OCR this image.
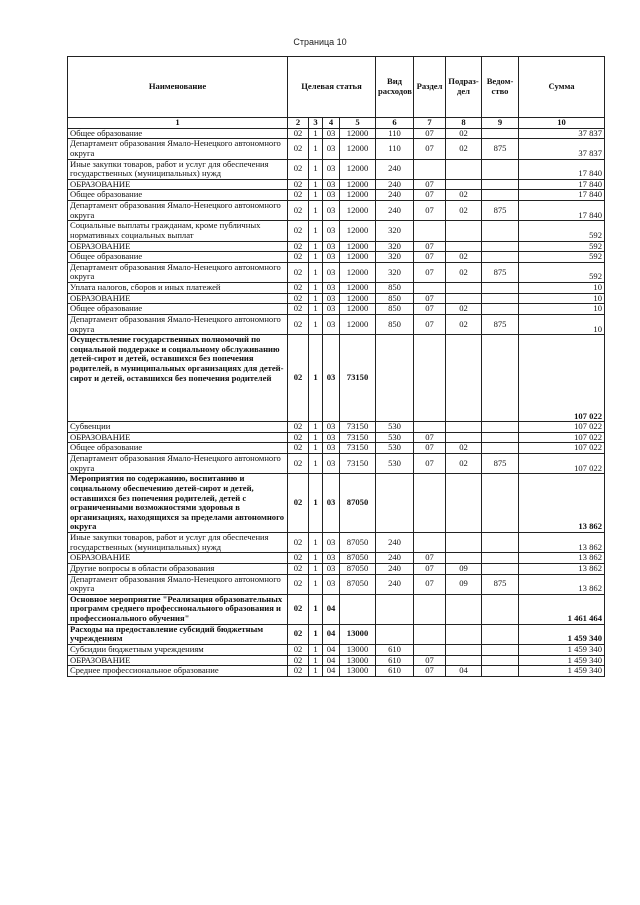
Страница 10
Наименование	Целевая статья				Вид расходов	Раздел	Подраз-дел	Ведом-ство	Сумма
1	2	3	4	5	6	7	8	9	10
Общее образование	02	1	03	12000	110	07	02		37 837
Департамент образования Ямало-Ненецкого автономного округа	02	1	03	12000	110	07	02	875	37 837
Иные закупки товаров, работ и услуг для обеспечения государственных (муниципальных) нужд	02	1	03	12000	240				17 840
ОБРАЗОВАНИЕ	02	1	03	12000	240	07			17 840
Общее образование	02	1	03	12000	240	07	02		17 840
Департамент образования Ямало-Ненецкого автономного округа	02	1	03	12000	240	07	02	875	17 840
Социальные выплаты гражданам, кроме публичных нормативных социальных выплат	02	1	03	12000	320				592
ОБРАЗОВАНИЕ	02	1	03	12000	320	07			592
Общее образование	02	1	03	12000	320	07	02		592
Департамент образования Ямало-Ненецкого автономного округа	02	1	03	12000	320	07	02	875	592
Уплата налогов, сборов и иных платежей	02	1	03	12000	850				10
ОБРАЗОВАНИЕ	02	1	03	12000	850	07			10
Общее образование	02	1	03	12000	850	07	02		10
Департамент образования Ямало-Ненецкого автономного округа	02	1	03	12000	850	07	02	875	10
Осуществление государственных полномочий по социальной поддержке и социальному обслуживанию детей-сирот и детей, оставшихся без попечения родителей, в муниципальных организациях для детей-сирот и детей, оставшихся без попечения родителей	02	1	03	73150					107 022
Субвенции	02	1	03	73150	530				107 022
ОБРАЗОВАНИЕ	02	1	03	73150	530	07			107 022
Общее образование	02	1	03	73150	530	07	02		107 022
Департамент образования Ямало-Ненецкого автономного округа	02	1	03	73150	530	07	02	875	107 022
Мероприятия по содержанию, воспитанию и социальному обеспечению детей-сирот и детей, оставшихся без попечения родителей, детей с ограниченными возможностями здоровья в организациях, находящихся за пределами автономного округа	02	1	03	87050					13 862
Иные закупки товаров, работ и услуг для обеспечения государственных (муниципальных) нужд	02	1	03	87050	240				13 862
ОБРАЗОВАНИЕ	02	1	03	87050	240	07			13 862
Другие вопросы в области образования	02	1	03	87050	240	07	09		13 862
Департамент образования Ямало-Ненецкого автономного округа	02	1	03	87050	240	07	09	875	13 862
Основное мероприятие "Реализация образовательных программ среднего профессионального образования и профессионального обучения"	02	1	04						1 461 464
Расходы на предоставление субсидий бюджетным учреждениям	02	1	04	13000					1 459 340
Субсидии бюджетным учреждениям	02	1	04	13000	610				1 459 340
ОБРАЗОВАНИЕ	02	1	04	13000	610	07			1 459 340
Среднее профессиональное образование	02	1	04	13000	610	07	04		1 459 340
